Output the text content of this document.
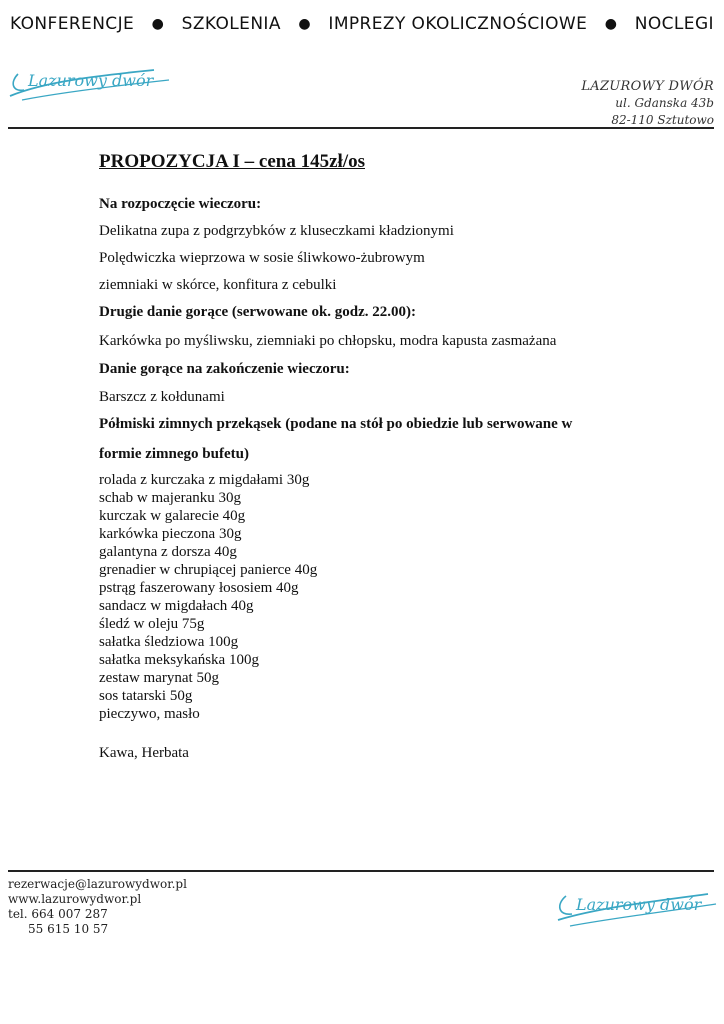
KONFERENCJE ● SZKOLENIA ● IMPREZY OKOLICZNOŚCIOWE ● NOCLEGI
Lazurowy dwór	LAZUROWY DWÓR
ul. Gdanska 43b
82-110 Sztutowo
PROPOZYCJA I – cena 145zł/os
Na rozpoczęcie wieczoru:
Delikatna zupa z podgrzybków z kluseczkami kładzionymi
Polędwiczka wieprzowa w sosie śliwkowo-żubrowym
ziemniaki w skórce, konfitura z cebulki
Drugie danie gorące (serwowane ok. godz. 22.00):
Karkówka po myśliwsku, ziemniaki po chłopsku, modra kapusta zasmażana
Danie gorące na zakończenie wieczoru:
Barszcz z kołdunami
Półmiski zimnych przekąsek (podane na stół po obiedzie lub serwowane w
formie zimnego bufetu)
rolada z kurczaka z migdałami 30g
schab w majeranku 30g
kurczak w galarecie 40g
karkówka pieczona 30g
galantyna z dorsza 40g
grenadier w chrupiącej panierce 40g
pstrąg faszerowany łososiem 40g
sandacz w migdałach 40g
śledź w oleju 75g
sałatka śledziowa 100g
sałatka meksykańska 100g
zestaw marynat 50g
sos tatarski 50g
pieczywo, masło
Kawa, Herbata
rezerwacje@lazurowydwor.pl
www.lazurowydwor.pl
tel. 664 007 287
55 615 10 57
Lazurowy dwór
